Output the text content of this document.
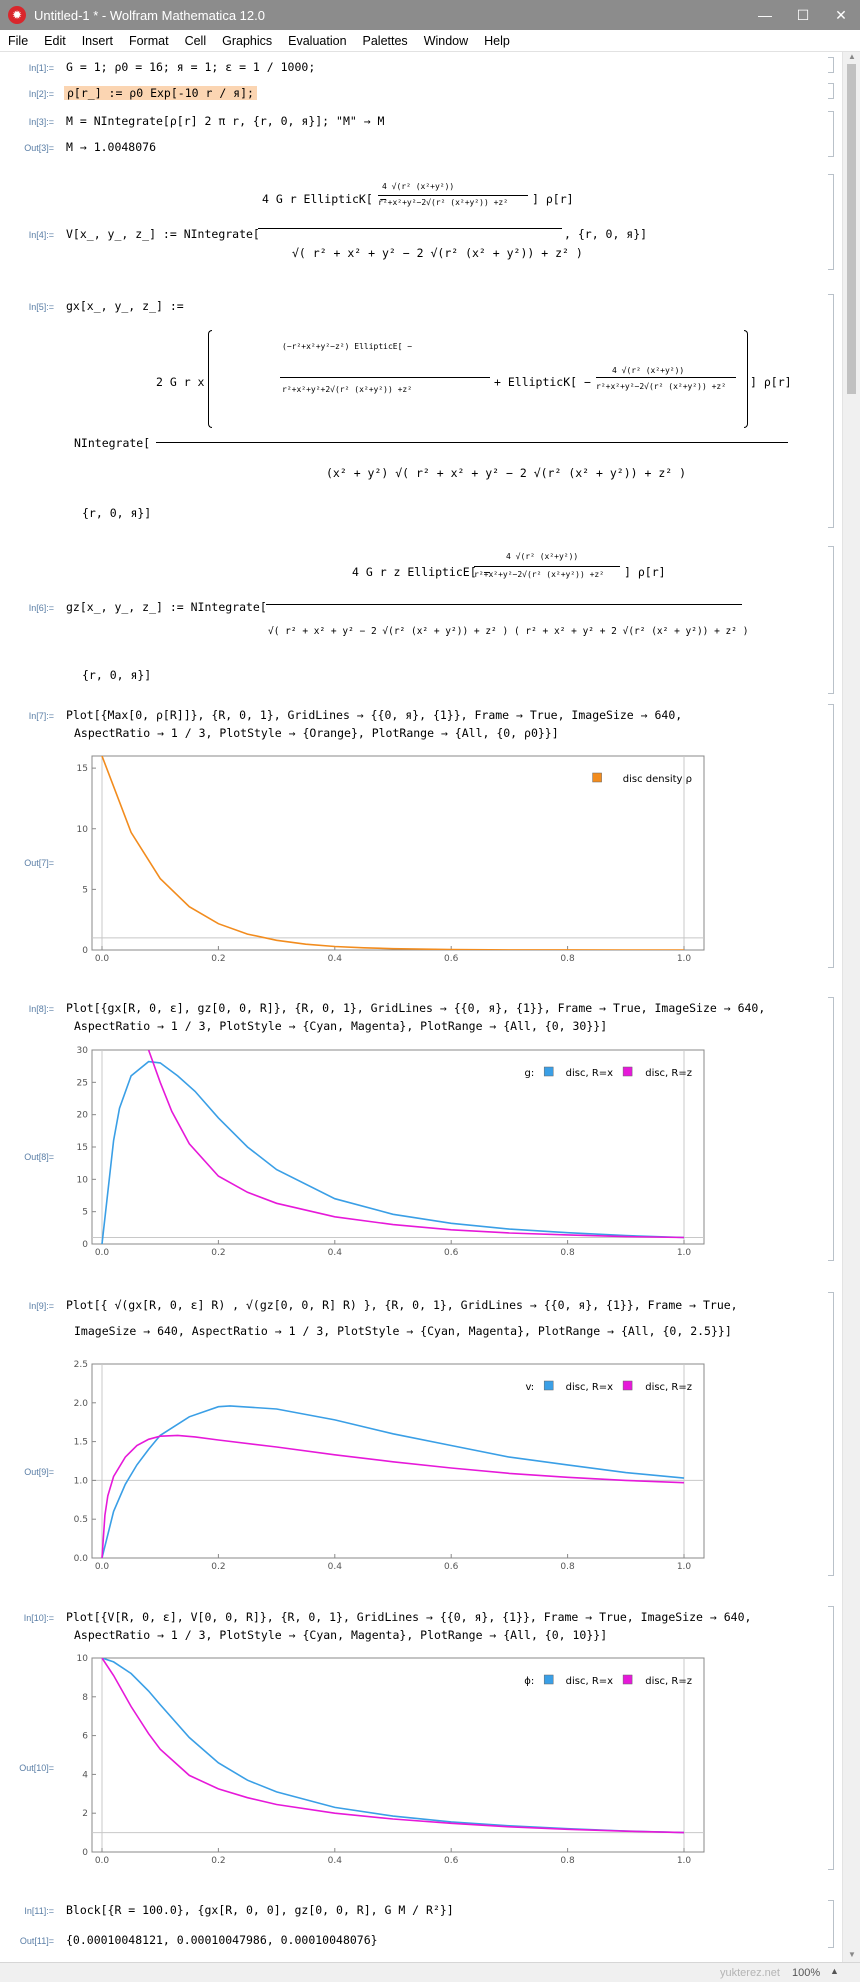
✹ Untitled-1 * - Wolfram Mathematica 12.0	—	☐	✕
File	Edit	Insert	Format	Cell	Graphics	Evaluation	Palettes	Window	Help
In[1]:= G = 1; ρ0 = 16; я = 1; ε = 1 / 1000;
In[2]:= ρ[r_] := ρ0 Exp[-10 r / я];
In[3]:= M = NIntegrate[ρ[r] 2 π r, {r, 0, я}]; "M" → M
Out[3]= M → 1.0048076
In[4]:= V[x_, y_, z_] := NIntegrate[
4 G r EllipticK[ −
4 √(r² (x²+y²))
r²+x²+y²−2√(r² (x²+y²)) +z² ] ρ[r]
√( r² + x² + y² − 2 √(r² (x² + y²)) + z² )
, {r, 0, я}]
In[5]:= gx[x_, y_, z_] :=
2 G r x
(−r²+x²+y²−z²) EllipticE[ −
r²+x²+y²+2√(r² (x²+y²)) +z²
+ EllipticK[ −
4 √(r² (x²+y²))
r²+x²+y²−2√(r² (x²+y²)) +z² ] ρ[r]
NIntegrate[
(x² + y²) √( r² + x² + y² − 2 √(r² (x² + y²)) + z² )
{r, 0, я}]
In[6]:= gz[x_, y_, z_] := NIntegrate[
4 G r z EllipticE[ −
4 √(r² (x²+y²))
r²+x²+y²−2√(r² (x²+y²)) +z² ] ρ[r]
√( r² + x² + y² − 2 √(r² (x² + y²)) + z² ) ( r² + x² + y² + 2 √(r² (x² + y²)) + z² )
{r, 0, я}]
In[7]:= Plot[{Max[0, ρ[R]]}, {R, 0, 1}, GridLines → {{0, я}, {1}}, Frame → True, ImageSize → 640,
AspectRatio → 1 / 3, PlotStyle → {Orange}, PlotRange → {All, {0, ρ0}}]
Out[7]=
0.0	0.2	0.4	0.6	0.8	1.0
0
5
10
15
disc density ρ
In[8]:= Plot[{gx[R, 0, ε], gz[0, 0, R]}, {R, 0, 1}, GridLines → {{0, я}, {1}}, Frame → True, ImageSize → 640,
AspectRatio → 1 / 3, PlotStyle → {Cyan, Magenta}, PlotRange → {All, {0, 30}}]
Out[8]=
0.0	0.2	0.4	0.6	0.8	1.0
0
5
10
15
20
25
30
disc, R=z
disc, R=x
g:
In[9]:= Plot[{ √(gx[R, 0, ε] R) , √(gz[0, 0, R] R) }, {R, 0, 1}, GridLines → {{0, я}, {1}}, Frame → True,
ImageSize → 640, AspectRatio → 1 / 3, PlotStyle → {Cyan, Magenta}, PlotRange → {All, {0, 2.5}}]
Out[9]=
0.0	0.2	0.4	0.6	0.8	1.0
0.0
0.5
1.0
1.5
2.0
2.5
disc, R=z
disc, R=x
v:
In[10]:= Plot[{V[R, 0, ε], V[0, 0, R]}, {R, 0, 1}, GridLines → {{0, я}, {1}}, Frame → True, ImageSize → 640,
AspectRatio → 1 / 3, PlotStyle → {Cyan, Magenta}, PlotRange → {All, {0, 10}}]
Out[10]=
0.0	0.2	0.4	0.6	0.8	1.0
0
2
4
6
8
10
disc, R=z
disc, R=x
ϕ:
In[11]:= Block[{R = 100.0}, {gx[R, 0, 0], gz[0, 0, R], G M / R²}]
Out[11]= {0.00010048121, 0.00010047986, 0.00010048076}
▲
▼
yukterez.net 100% ▲
